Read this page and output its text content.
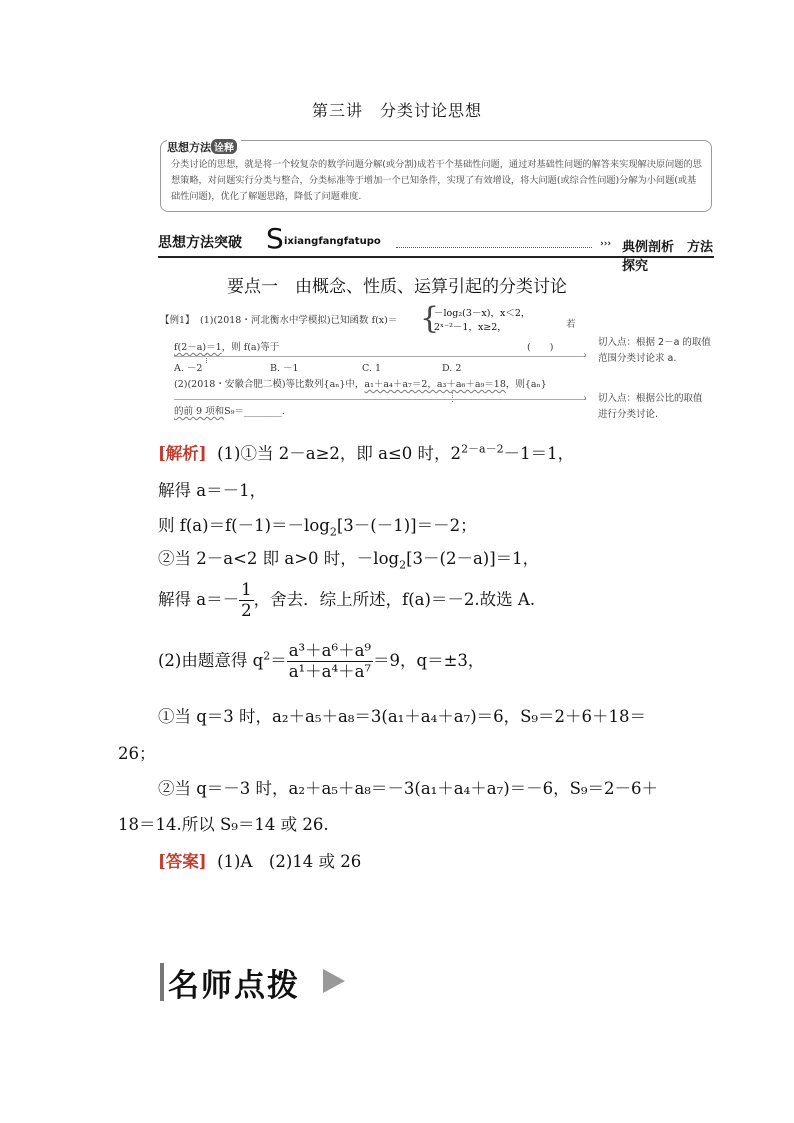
第三讲　分类讨论思想
思想方法 诠释
分类讨论的思想，就是将一个较复杂的数学问题分解(或分割)成若干个基础性问题，通过对基础性问题的解答来实现解决原问题的思想策略，对问题实行分类与整合，分类标准等于增加一个已知条件，实现了有效增设，将大问题(或综合性问题)分解为小问题(或基础性问题)，优化了解题思路，降低了问题难度.
思想方法突破 S ixiangfangfatupo	››› 典例剖析　方法探究
要点一　由概念、性质、运算引起的分类讨论
【例1】 (1)(2018・河北衡水中学模拟)已知函数 f(x)＝ {
－log₂(3－x)，x＜2，
2ˣ⁻²－1，x≥2，	若
f(2－a)＝1，则 f(a)等于	(　　)
A. －2	B. －1	C. 1	D. 2
(2)(2018・安徽合肥二模)等比数列{aₙ}中，a₁＋a₄＋a₇＝2，a₃＋a₆＋a₉＝18，则{aₙ}
的前 9 项和S₉＝________.
›
切入点：根据 2－a 的取值
范围分类讨论求 a.
› 切入点：根据公比的取值
进行分类讨论.
[解析] (1)①当 2－a≥2，即 a≤0 时，$2^{2-a-2}-1=1$，
解得 a＝－1，
则 $f(a)=f(-1)=-\log_2[3-(-1)]=-2$；
②当 2－a<2 即 a>0 时，$-\log_2[3-(2-a)]=1$，
解得 $a=- \frac{1}{2}$ ，舍去．综上所述，f(a)＝－2.故选 A.
(2)由题意得 $q^2= \frac{\text{a³＋a⁶＋a⁹}}{\text{a¹＋a⁴＋a⁷}} =9$，q＝±3，
①当 q＝3 时，a₂＋a₅＋a₈＝3(a₁＋a₄＋a₇)＝6，S₉＝2＋6＋18＝
26；
②当 q＝－3 时，a₂＋a₅＋a₈＝－3(a₁＋a₄＋a₇)＝－6，S₉＝2－6＋
18＝14.所以 S₉＝14 或 26.
[答案] (1)A　(2)14 或 26
名师点拨
